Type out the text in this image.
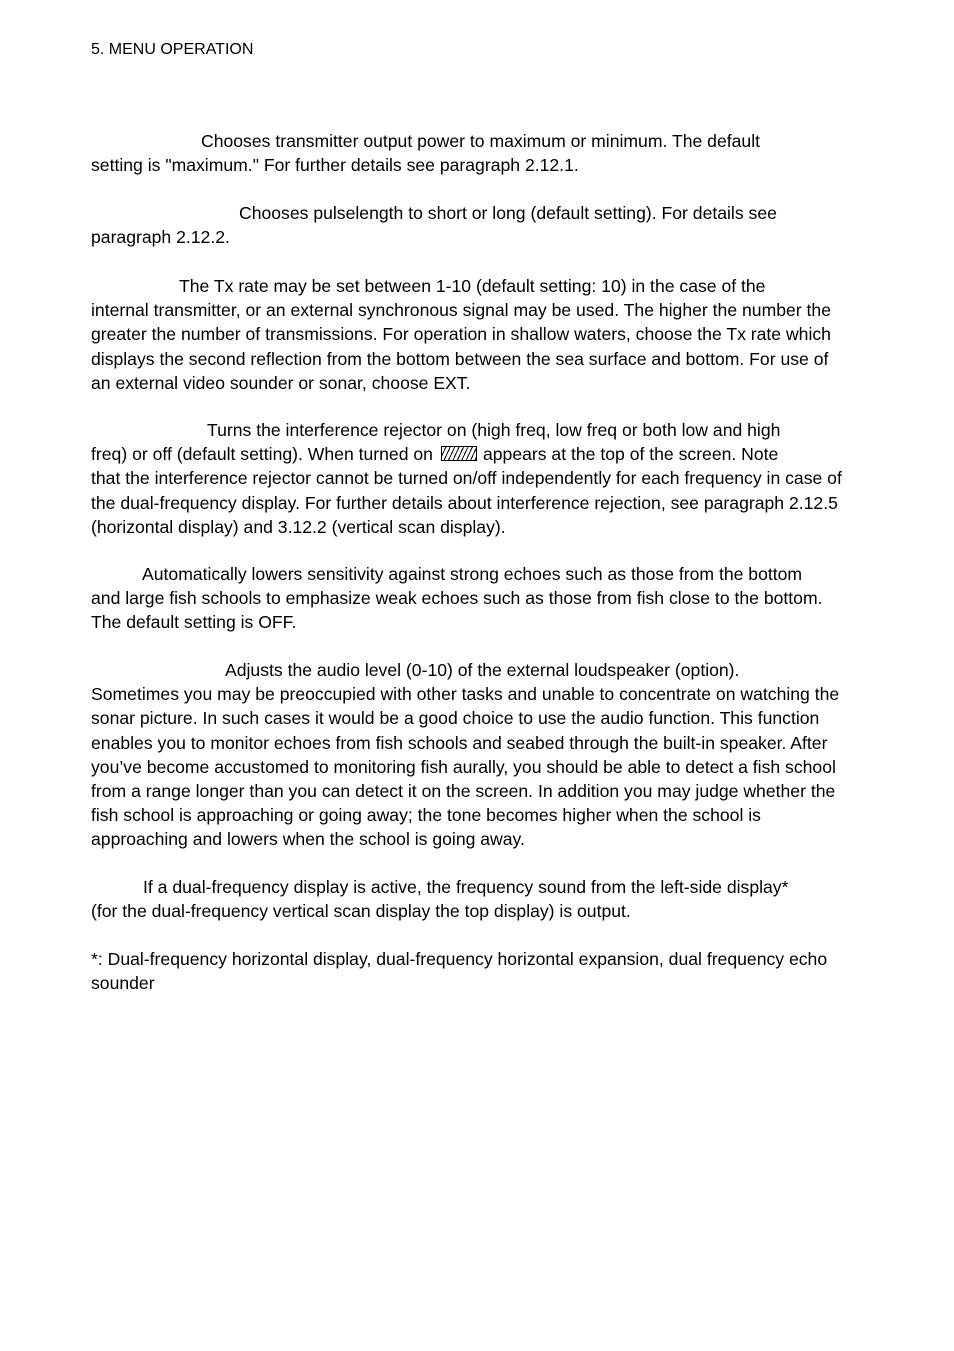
5. MENU OPERATION

Chooses transmitter output power to maximum or minimum. The default
setting is "maximum." For further details see paragraph 2.12.1.

Chooses pulselength to short or long (default setting). For details see
paragraph 2.12.2.

The Tx rate may be set between 1-10 (default setting: 10) in the case of the
internal transmitter, or an external synchronous signal may be used. The higher the number the greater the number of transmissions. For operation in shallow waters, choose the Tx rate which displays the second reflection from the bottom between the sea surface and bottom. For use of an external video sounder or sonar, choose EXT.

Turns the interference rejector on (high freq, low freq or both low and high
freq) or off (default setting). When turned on	appears at the top of the screen. Note
that the interference rejector cannot be turned on/off independently for each frequency in case of the dual-frequency display. For further details about interference rejection, see paragraph 2.12.5 (horizontal display) and 3.12.2 (vertical scan display).

Automatically lowers sensitivity against strong echoes such as those from the bottom
and large fish schools to emphasize weak echoes such as those from fish close to the bottom. The default setting is OFF.

Adjusts the audio level (0-10) of the external loudspeaker (option).
Sometimes you may be preoccupied with other tasks and unable to concentrate on watching the sonar picture. In such cases it would be a good choice to use the audio function. This function enables you to monitor echoes from fish schools and seabed through the built-in speaker. After you’ve become accustomed to monitoring fish aurally, you should be able to detect a fish school from a range longer than you can detect it on the screen. In addition you may judge whether the fish school is approaching or going away; the tone becomes higher when the school is approaching and lowers when the school is going away.

If a dual-frequency display is active, the frequency sound from the left-side display*
(for the dual-frequency vertical scan display the top display) is output.

*: Dual-frequency horizontal display, dual-frequency horizontal expansion, dual frequency echo sounder
